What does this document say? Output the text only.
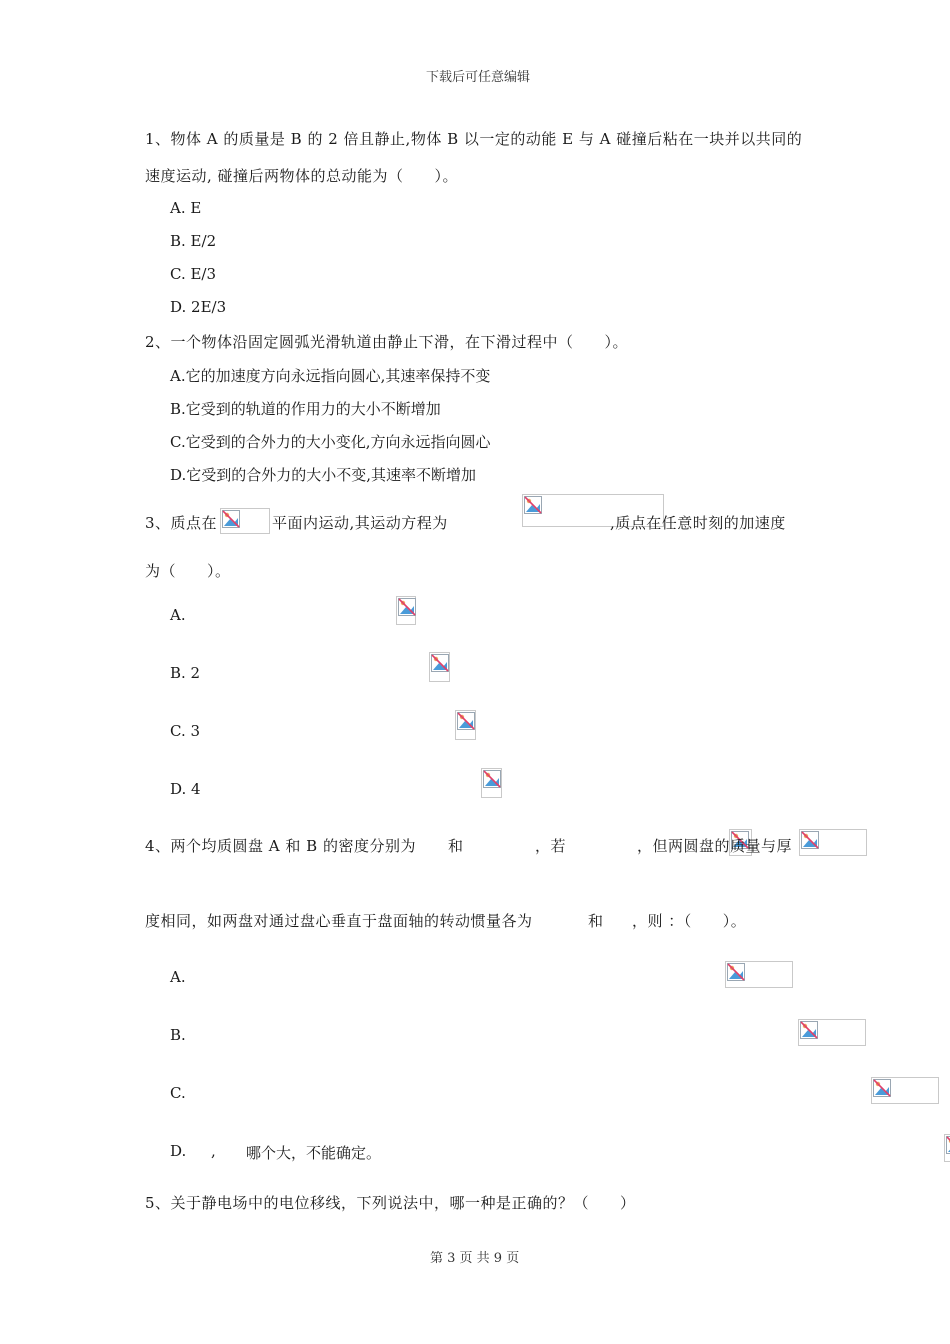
下载后可任意编辑
1、物体 A 的质量是 B 的 2 倍且静止,物体 B 以一定的动能 E 与 A 碰撞后粘在一块并以共同的
速度运动, 碰撞后两物体的总动能为（　　）。
A. E
B. E/2
C. E/3
D. 2E/3
2、一个物体沿固定圆弧光滑轨道由静止下滑，在下滑过程中（　　）。
A.它的加速度方向永远指向圆心,其速率保持不变
B.它受到的轨道的作用力的大小不断增加
C.它受到的合外力的大小变化,方向永远指向圆心
D.它受到的合外力的大小不变,其速率不断增加
3、质点在
	平面内运动,其运动方程为
	,质点在任意时刻的加速度
为（　　）。
A.

B. 2

C. 3

D. 4

4、两个均质圆盘 A 和 B 的密度分别为
和
	，若
	，但两圆盘的质量与厚
度相同，如两盘对通过盘心垂直于盘面轴的转动惯量各为
	和
，则 ：（　　）。
A.

B.

C.

D.
, 哪个大，不能确定。
5、关于静电场中的电位移线，下列说法中，哪一种是正确的？（　　）
第 3 页 共 9 页
